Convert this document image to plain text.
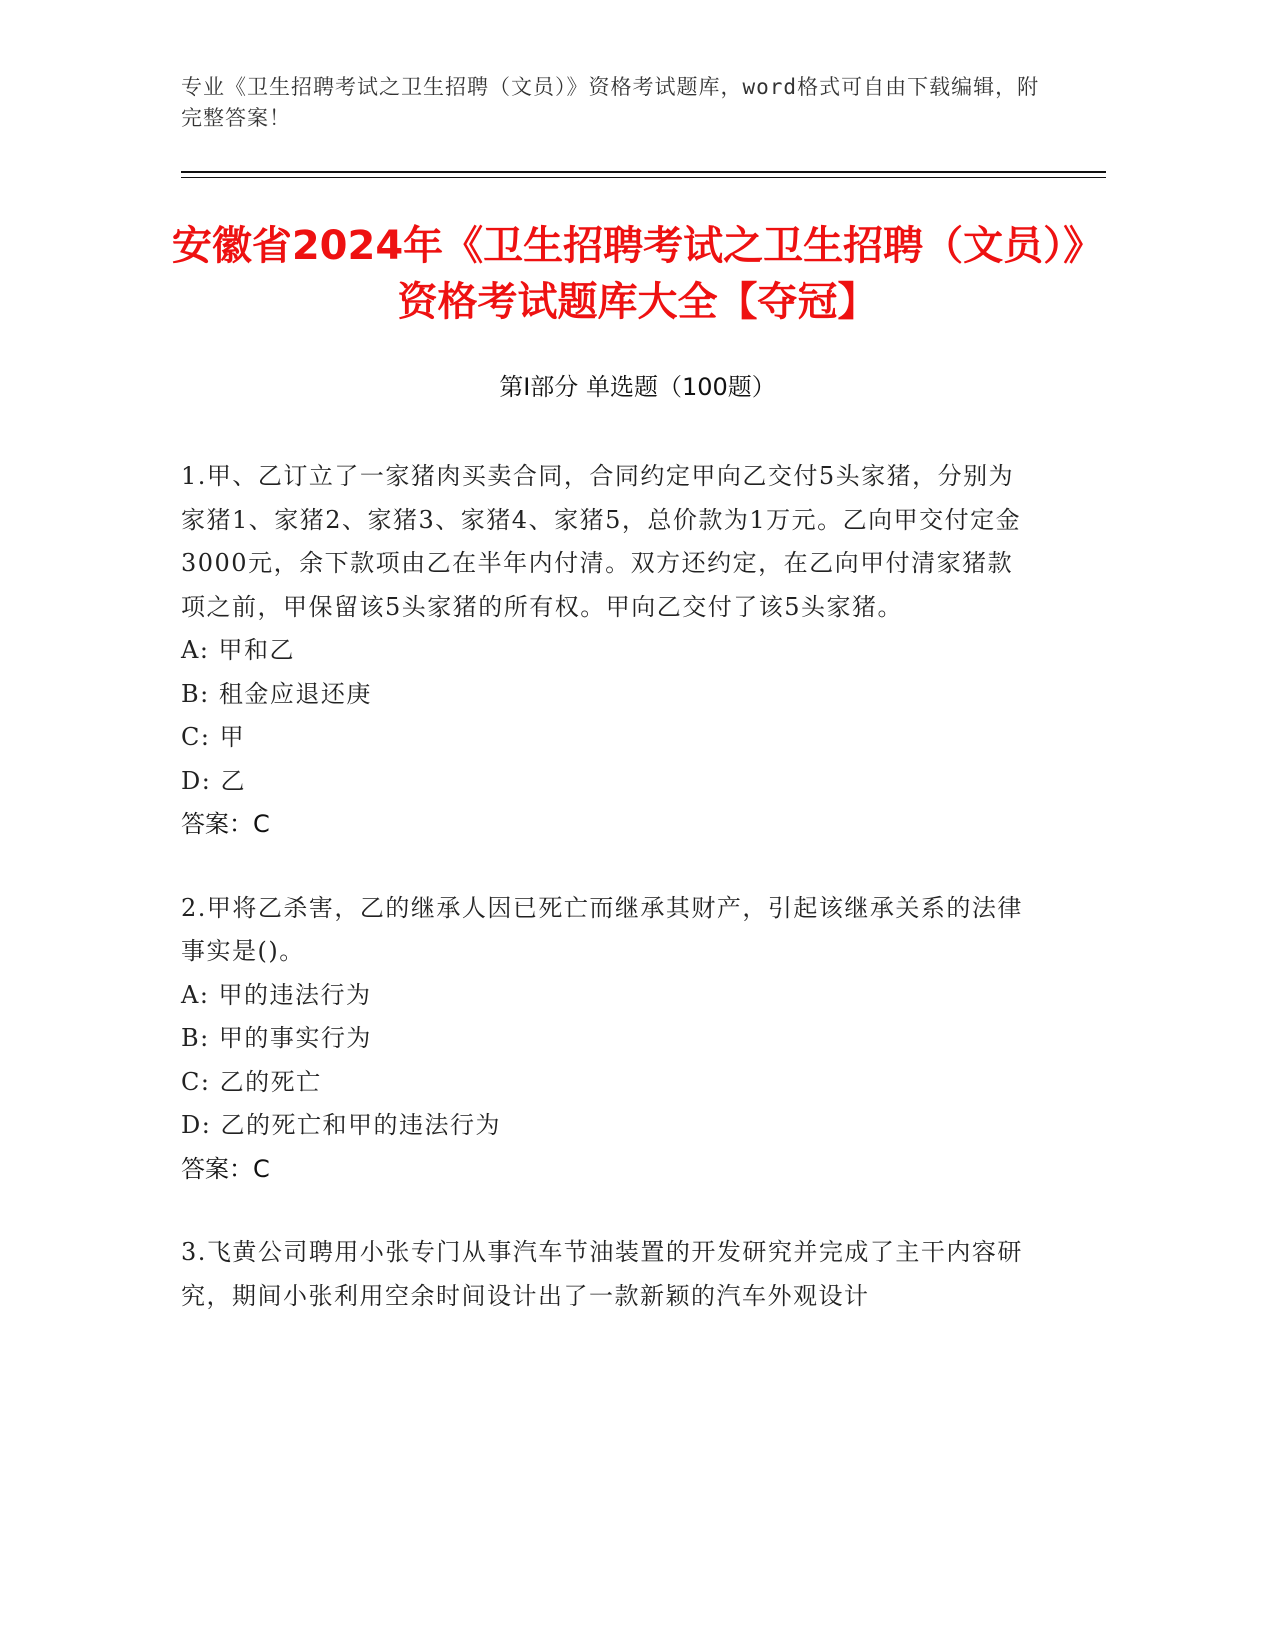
专业《卫生招聘考试之卫生招聘（文员）》资格考试题库，word格式可自由下载编辑，附完整答案！
安徽省2024年《卫生招聘考试之卫生招聘（文员）》资格考试题库大全【夺冠】
第Ⅰ部分 单选题（100题）

1.甲、乙订立了一家猪肉买卖合同，合同约定甲向乙交付5头家猪，分别为家猪1、家猪2、家猪3、家猪4、家猪5，总价款为1万元。乙向甲交付定金3000元，余下款项由乙在半年内付清。双方还约定，在乙向甲付清家猪款项之前，甲保留该5头家猪的所有权。甲向乙交付了该5头家猪。

A: 甲和乙
B: 租金应退还庚
C: 甲
D: 乙
答案：C

2.甲将乙杀害，乙的继承人因已死亡而继承其财产，引起该继承关系的法律事实是()。

A: 甲的违法行为
B: 甲的事实行为
C: 乙的死亡
D: 乙的死亡和甲的违法行为
答案：C

3.飞黄公司聘用小张专门从事汽车节油装置的开发研究并完成了主干内容研究，期间小张利用空余时间设计出了一款新颖的汽车外观设计
